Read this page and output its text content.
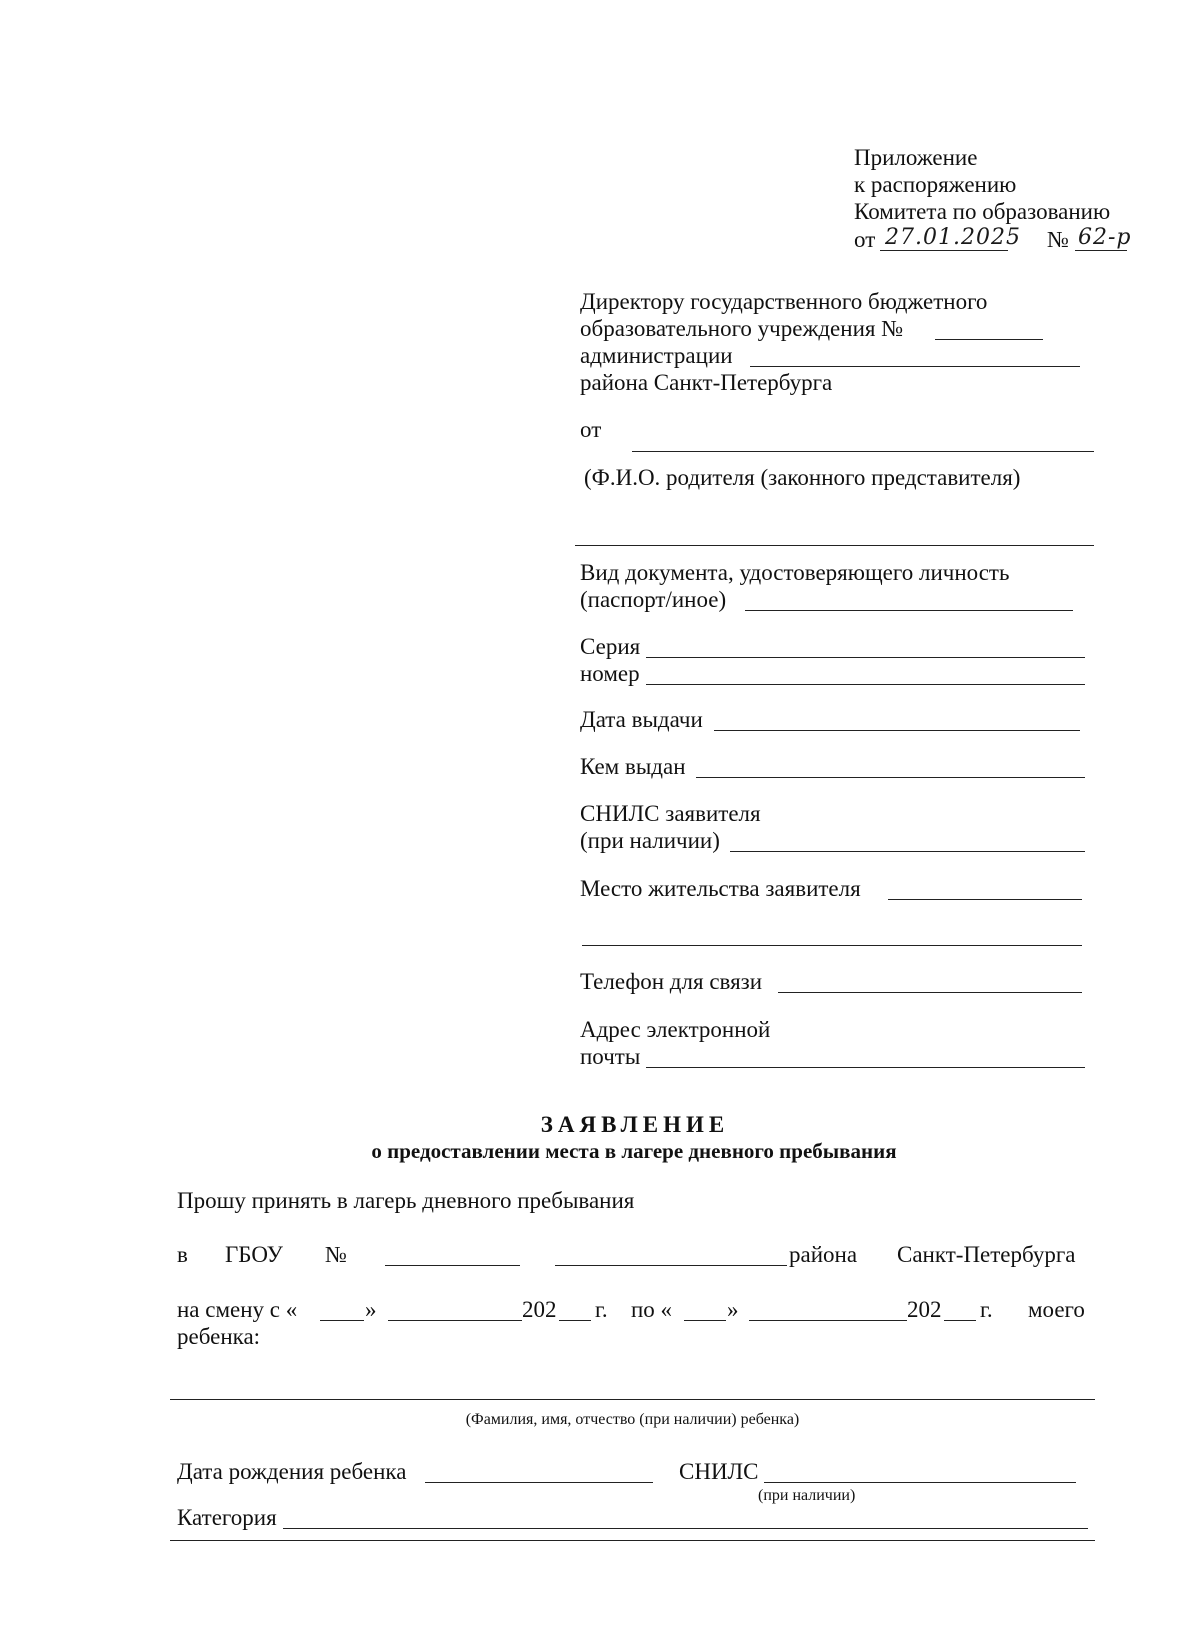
Приложение
к распоряжению
Комитета по образованию
от 27.01.2025 № 62-р
Директору государственного бюджетного
образовательного учреждения №
администрации
района Санкт-Петербурга
от
(Ф.И.О. родителя (законного представителя)
Вид документа, удостоверяющего личность
(паспорт/иное)
Серия
номер
Дата выдачи
Кем выдан
СНИЛС заявителя
(при наличии)
Место жительства заявителя
Телефон для связи
Адрес электронной
почты
ЗАЯВЛЕНИЕ
о предоставлении места в лагере дневного пребывания
Прошу принять в лагерь дневного пребывания
в ГБОУ №	района Санкт-Петербурга
на смену с «	»	202 г. по « »	202 г. моего
ребенка:
(Фамилия, имя, отчество (при наличии) ребенка)
Дата рождения ребенка	СНИЛС
(при наличии)
Категория
